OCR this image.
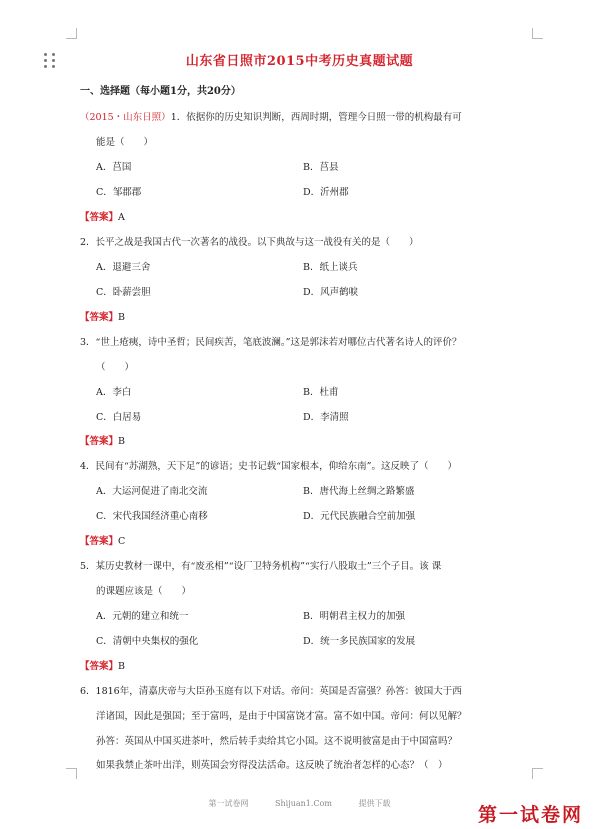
山东省日照市2015中考历史真题试题
一、选择题（每小题1分，共20分）
（2015・山东日照）1．依据你的历史知识判断，西周时期，管理今日照一带的机构最有可
能是（　　）
A．莒国	B．莒县
C．邹郡郡	D．沂州郡
【答案】A
2．长平之战是我国古代一次著名的战役。以下典故与这一战役有关的是（　　）
A．退避三舍	B．纸上谈兵
C．卧薪尝胆	D．风声鹤唳
【答案】B
3．“世上疮痍，诗中圣哲；民间疾苦，笔底波澜。”这是郭沫若对哪位古代著名诗人的评价？
（　　）
A．李白	B．杜甫
C．白居易	D．李清照
【答案】B
4．民间有“苏湖熟，天下足”的谚语；史书记载“国家根本，仰给东南”。这反映了（　　）
A．大运河促进了南北交流	B．唐代海上丝绸之路繁盛
C．宋代我国经济重心南移	D．元代民族融合空前加强
【答案】C
5．某历史教材一课中，有“废丞相”“设厂卫特务机构”“实行八股取士”三个子目。该 课
的课题应该是（　　）
A．元朝的建立和统一	B．明朝君主权力的加强
C．清朝中央集权的强化	D．统一多民族国家的发展
【答案】B
6．1816年，清嘉庆帝与大臣孙玉庭有以下对话。帝问：英国是否富强？孙答：彼国大于西
洋诸国，因此是强国；至于富吗，是由于中国富饶才富。富不如中国。帝问：何以见解？
孙答：英国从中国买进茶叶，然后转手卖给其它小国。这不说明彼富是由于中国富吗？
如果我禁止茶叶出洋，则英国会穷得没法活命。这反映了统治者怎样的心态？（　）
第一试卷网	Shijuan1.Com	提供下载
第一试卷网
